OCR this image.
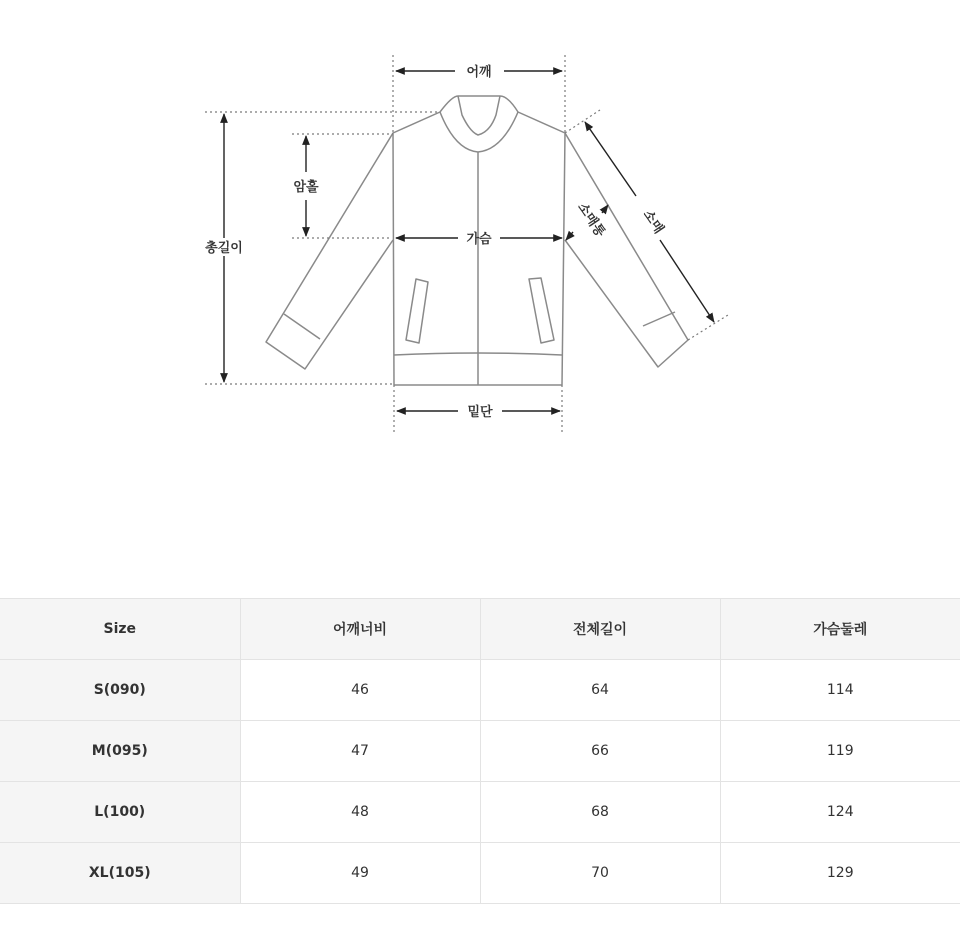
어깨
암홀
총길이
가슴
밑단
소매통 소매
Size	어깨너비	전체길이	가슴둘레
S(090)	46	64	114
M(095)	47	66	119
L(100)	48	68	124
XL(105)	49	70	129
